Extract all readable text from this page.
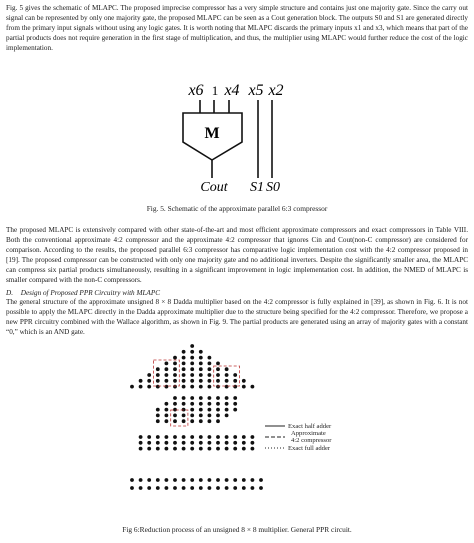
Fig. 5 gives the schematic of MLAPC. The proposed imprecise compressor has a very simple structure and contains just one majority gate. Since the carry out signal can be represented by only one majority gate, the proposed MLAPC can be seen as a Cout generation block. The outputs S0 and S1 are generated directly from the primary input signals without using any logic gates. It is worth noting that MLAPC discards the primary inputs x1 and x3, which means that part of the partial products does not require generation in the first stage of multiplication, and thus, the multiplier using MLAPC would further reduce the cost of the logic implementation.

x6 1 x4 x5 x2
M
Cout S1 S0

Fig. 5. Schematic of the approximate parallel 6:3 compressor

The proposed MLAPC is extensively compared with other state-of-the-art and most efficient approximate compressors and exact compressors in Table VIII. Both the conventional approximate 4:2 compressor and the approximate 4:2 compressor that ignores Cin and Cout(non-C compressor) are considered for comparison. According to the results, the proposed parallel 6:3 compressor has comparative logic implementation cost with the 4:2 compressor proposed in [19]. The proposed compressor can be constructed with only one majority gate and no additional inverters. Despite the significantly smaller area, the MLAPC can compress six partial products simultaneously, resulting in a significant improvement in logic implementation cost. In addition, the NMED of MLAPC is smaller compared with the non-C compressors.

D. Design of Proposed PPR Circuitry with MLAPC

The general structure of the approximate unsigned 8 × 8 Dadda multiplier based on the 4:2 compressor is fully explained in [39], as shown in Fig. 6. It is not possible to apply the MLAPC directly in the Dadda approximate multiplier due to the structure being specified for the 4:2 compressor. Therefore, we propose a new PPR circuitry combined with the Wallace algorithm, as shown in Fig. 9. The partial products are generated using an array of majority gates with a constant “0,” which is an AND gate.

Exact half adder
Approximate
4:2 compressor
Exact full adder

Fig 6:Reduction process of an unsigned 8 × 8 multiplier. General PPR circuit.
